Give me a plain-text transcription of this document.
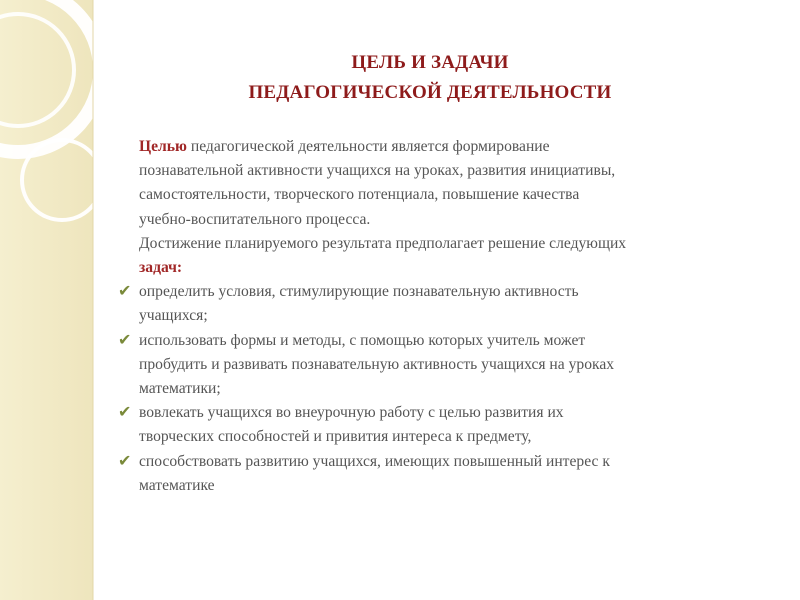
ЦЕЛЬ И ЗАДАЧИ
ПЕДАГОГИЧЕСКОЙ ДЕЯТЕЛЬНОСТИ
Целью педагогической деятельности является формирование
познавательной активности учащихся на уроках, развития инициативы,
самостоятельности, творческого потенциала, повышение качества
учебно-воспитательного процесса.
Достижение планируемого результата предполагает решение следующих
задач:
✔ определить условия, стимулирующие познавательную активность
учащихся;
✔ использовать формы и методы, с помощью которых учитель может
пробудить и развивать познавательную активность учащихся на уроках
математики;
✔ вовлекать учащихся во внеурочную работу с целью развития их
творческих способностей и привития интереса к предмету,
✔ способствовать развитию учащихся, имеющих повышенный интерес к
математике
